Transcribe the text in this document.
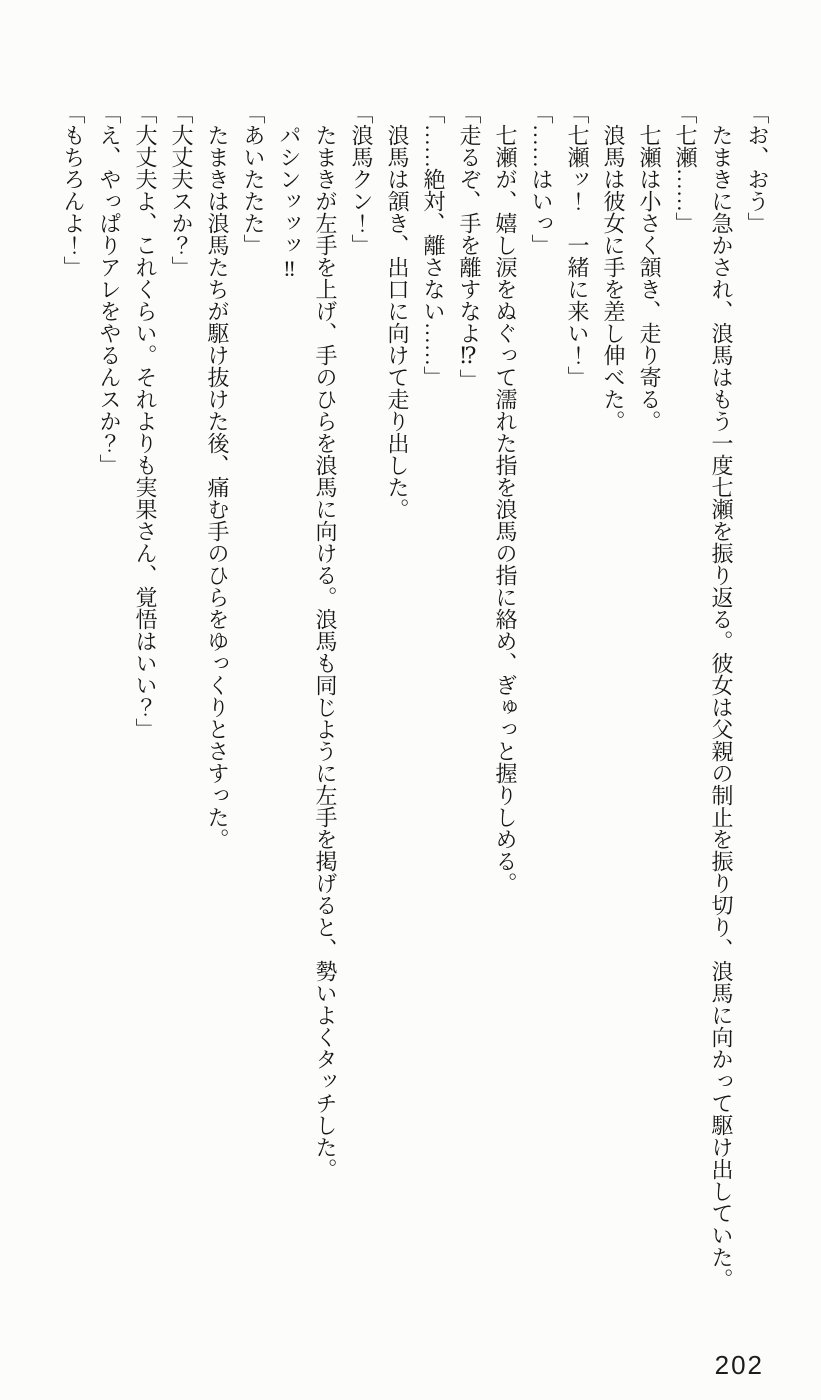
「お、おう」

　たまきに急かされ、浪馬はもう一度七瀬を振り返る。彼女は父親の制止を振り切り、浪馬に向かって駆け出していた。

「七瀬……」

　七瀬は小さく頷き、走り寄る。

　浪馬は彼女に手を差し伸べた。

「七瀬ッ！　一緒に来い！」

「……はいっ」

　七瀬が、嬉し涙をぬぐって濡れた指を浪馬の指に絡め、ぎゅっと握りしめる。

「走るぞ、手を離すなよ⁉」

「……絶対、離さない……」

　浪馬は頷き、出口に向けて走り出した。

「浪馬クン！」

　たまきが左手を上げ、手のひらを浪馬に向ける。浪馬も同じように左手を掲げると、勢いよくタッチした。

　パシンッッッ‼

「あいたたた」

　たまきは浪馬たちが駆け抜けた後、痛む手のひらをゆっくりとさすった。

「大丈夫スか？」

「大丈夫よ、これくらい。それよりも実果さん、覚悟はいい？」

「え、やっぱりアレをやるんスか？」

「もちろんよ！」

202
